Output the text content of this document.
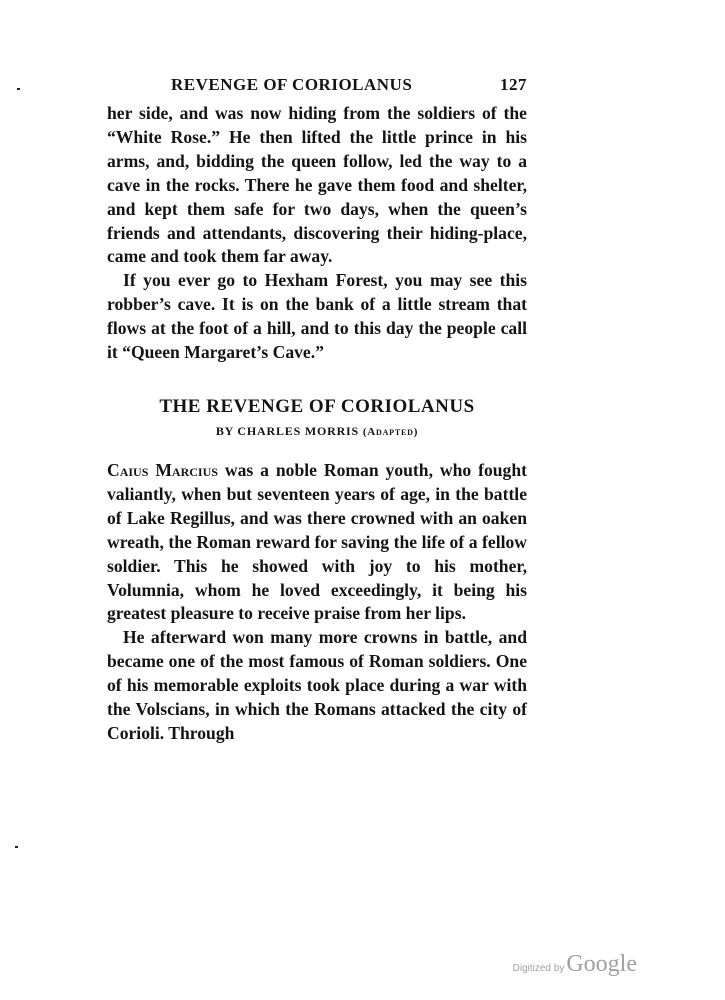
REVENGE OF CORIOLANUS	127

her side, and was now hiding from the soldiers of the “White Rose.” He then lifted the little prince in his arms, and, bidding the queen follow, led the way to a cave in the rocks. There he gave them food and shelter, and kept them safe for two days, when the queen’s friends and attendants, discovering their hiding-place, came and took them far away.

If you ever go to Hexham Forest, you may see this robber’s cave. It is on the bank of a little stream that flows at the foot of a hill, and to this day the people call it “Queen Margaret’s Cave.”

THE REVENGE OF CORIOLANUS
BY CHARLES MORRIS (Adapted)

Caius Marcius was a noble Roman youth, who fought valiantly, when but seventeen years of age, in the battle of Lake Regillus, and was there crowned with an oaken wreath, the Roman reward for saving the life of a fellow soldier. This he showed with joy to his mother, Volumnia, whom he loved exceedingly, it being his greatest pleasure to receive praise from her lips.

He afterward won many more crowns in battle, and became one of the most famous of Roman soldiers. One of his memorable exploits took place during a war with the Volscians, in which the Romans attacked the city of Corioli. Through

Digitized by Google
